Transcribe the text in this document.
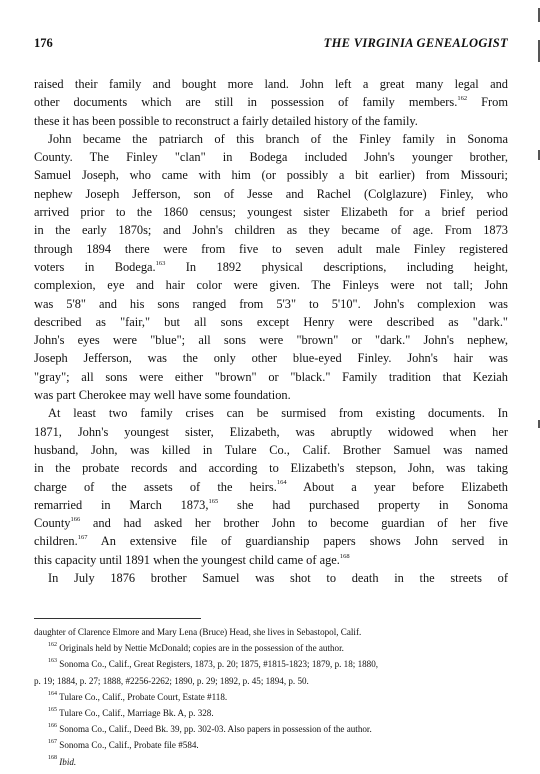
176	THE VIRGINIA GENEALOGIST
raised their family and bought more land. John left a great many legal and
other documents which are still in possession of family members.$^{162}$ From
these it has been possible to reconstruct a fairly detailed history of the family.
John became the patriarch of this branch of the Finley family in Sonoma
County. The Finley "clan" in Bodega included John's younger brother,
Samuel Joseph, who came with him (or possibly a bit earlier) from Missouri;
nephew Joseph Jefferson, son of Jesse and Rachel (Colglazure) Finley, who
arrived prior to the 1860 census; youngest sister Elizabeth for a brief period
in the early 1870s; and John's children as they became of age. From 1873
through 1894 there were from five to seven adult male Finley registered
voters in Bodega.$^{163}$ In 1892 physical descriptions, including height,
complexion, eye and hair color were given. The Finleys were not tall; John
was 5'8" and his sons ranged from 5'3" to 5'10". John's complexion was
described as "fair," but all sons except Henry were described as "dark."
John's eyes were "blue"; all sons were "brown" or "dark." John's nephew,
Joseph Jefferson, was the only other blue-eyed Finley. John's hair was
"gray"; all sons were either "brown" or "black." Family tradition that Keziah
was part Cherokee may well have some foundation.
At least two family crises can be surmised from existing documents. In
1871, John's youngest sister, Elizabeth, was abruptly widowed when her
husband, John, was killed in Tulare Co., Calif. Brother Samuel was named
in the probate records and according to Elizabeth's stepson, John, was taking
charge of the assets of the heirs.$^{164}$ About a year before Elizabeth
remarried in March 1873,$^{165}$ she had purchased property in Sonoma
County$^{166}$ and had asked her brother John to become guardian of her five
children.$^{167}$ An extensive file of guardianship papers shows John served in
this capacity until 1891 when the youngest child came of age.$^{168}$
In July 1876 brother Samuel was shot to death in the streets of
daughter of Clarence Elmore and Mary Lena (Bruce) Head, she lives in Sebastopol, Calif.
$^{162}$ Originals held by Nettie McDonald; copies are in the possession of the author.
$^{163}$ Sonoma Co., Calif., Great Registers, 1873, p. 20; 1875, #1815-1823; 1879, p. 18; 1880,
p. 19; 1884, p. 27; 1888, #2256-2262; 1890, p. 29; 1892, p. 45; 1894, p. 50.
$^{164}$ Tulare Co., Calif., Probate Court, Estate #118.
$^{165}$ Tulare Co., Calif., Marriage Bk. A, p. 328.
$^{166}$ Sonoma Co., Calif., Deed Bk. 39, pp. 302-03. Also papers in possession of the author.
$^{167}$ Sonoma Co., Calif., Probate file #584.
$^{168}$ Ibid.
